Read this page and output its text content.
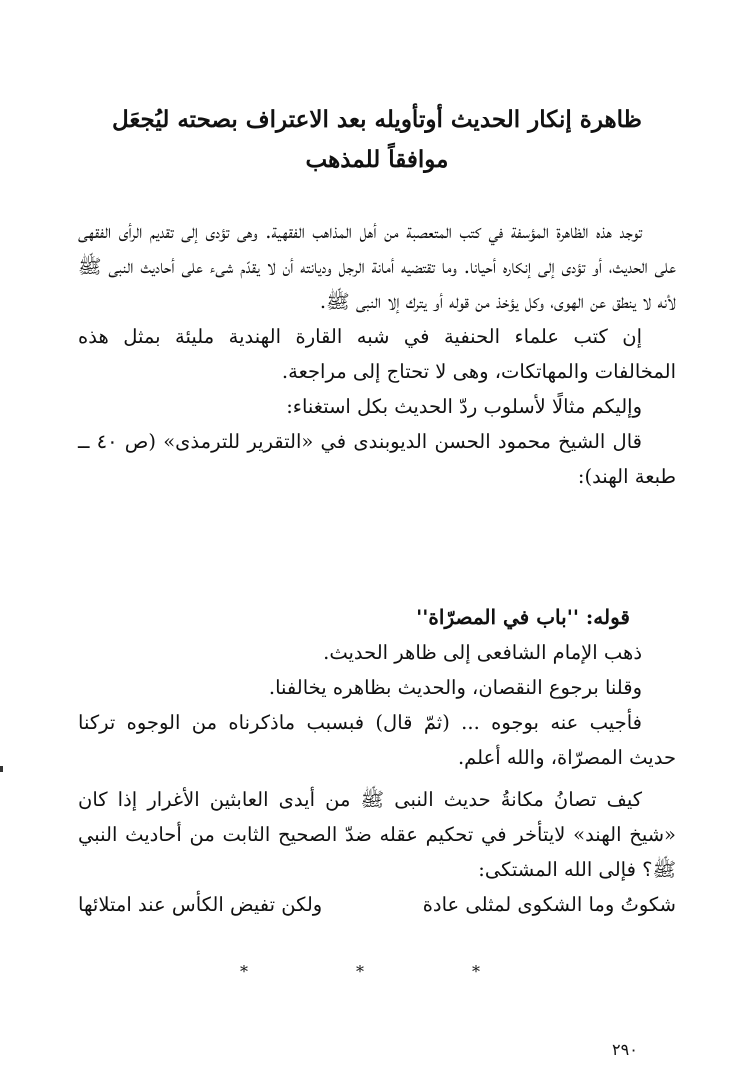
ظاهرة إنكار الحديث أوتأويله بعد الاعتراف بصحته ليُجعَل موافقاً للمذهب

توجد هذه الظاهرة المؤسفة في كتب المتعصبة من أهل المذاهب الفقهية. وهى تؤدى إلى تقديم الرأى الفقهى على الحديث، أو تؤدى إلى إنكاره أحيانا. وما تقتضيه أمانة الرجل وديانته أن لا يقدّم شىء على أحاديث النبى ﷺ لأنه لا ينطق عن الهوى، وكل يؤخذ من قوله أو يترك إلا النبى ﷺ.

إن كتب علماء الحنفية في شبه القارة الهندية مليئة بمثل هذه المخالفات والمهاتكات، وهى لا تحتاج إلى مراجعة.

وإليكم مثالًا لأسلوب ردّ الحديث بكل استغناء:

قال الشيخ محمود الحسن الديوبندى في «التقرير للترمذى» (ص ٤٠ ــ طبعة الهند):

قوله: ''باب في المصرّاة''

ذهب الإمام الشافعى إلى ظاهر الحديث.

وقلنا برجوع النقصان، والحديث بظاهره يخالفنا.

فأجيب عنه بوجوه ... (ثمّ قال) فبسبب ماذكرناه من الوجوه تركنا حديث المصرّاة، والله أعلم.

كيف تصانُ مكانةُ حديث النبى ﷺ من أيدى العابثين الأغرار إذا كان «شيخ الهند» لايتأخر في تحكيم عقله ضدّ الصحيح الثابت من أحاديث النبي ﷺ؟ فإلى الله المشتكى:

شكوتُ وما الشكوى لمثلى عادة
ولكن تفيض الكأس عند امتلائها
*	*	*
٢٩٠
